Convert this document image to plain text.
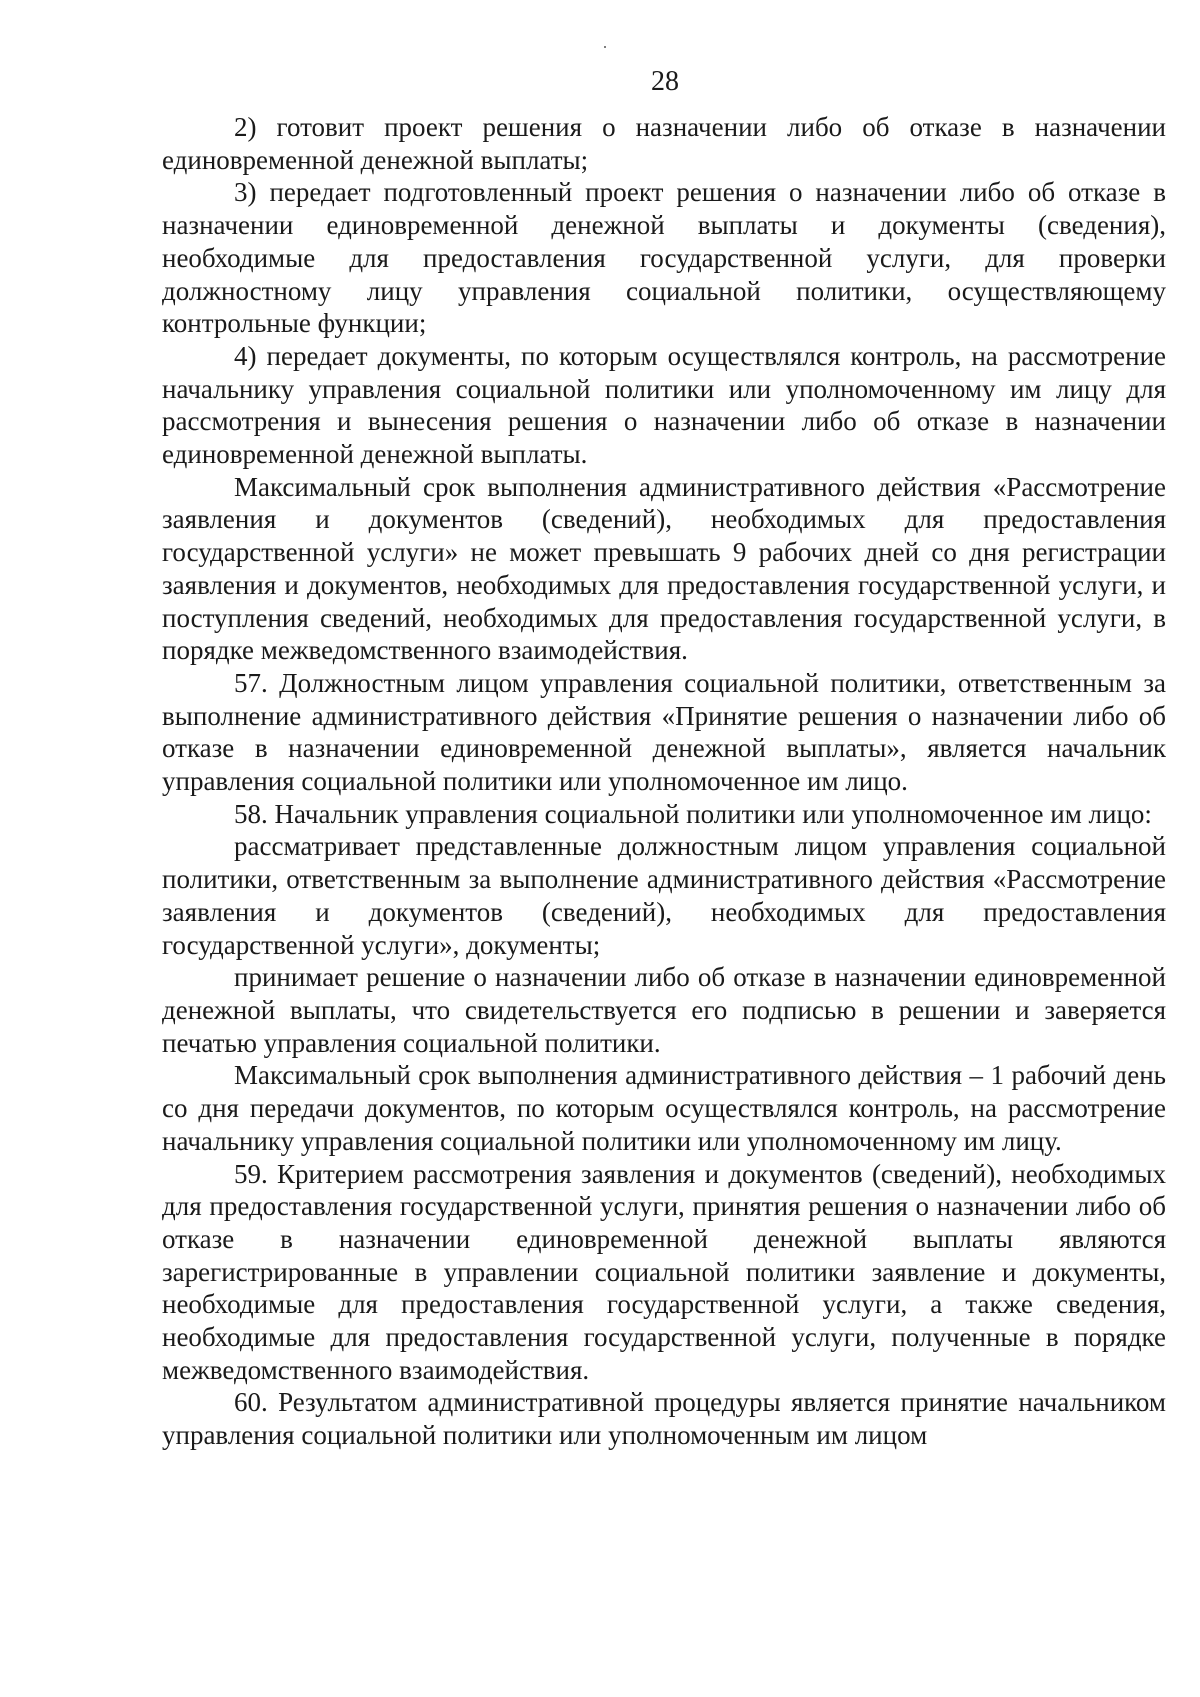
28

2) готовит проект решения о назначении либо об отказе в назначении единовременной денежной выплаты;

3) передает подготовленный проект решения о назначении либо об отказе в назначении единовременной денежной выплаты и документы (сведения), необходимые для предоставления государственной услуги, для проверки должностному лицу управления социальной политики, осуществляющему контрольные функции;

4) передает документы, по которым осуществлялся контроль, на рассмотрение начальнику управления социальной политики или уполномоченному им лицу для рассмотрения и вынесения решения о назначении либо об отказе в назначении единовременной денежной выплаты.

Максимальный срок выполнения административного действия «Рассмотрение заявления и документов (сведений), необходимых для предоставления государственной услуги» не может превышать 9 рабочих дней со дня регистрации заявления и документов, необходимых для предоставления государственной услуги, и поступления сведений, необходимых для предоставления государственной услуги, в порядке межведомственного взаимодействия.

57. Должностным лицом управления социальной политики, ответственным за выполнение административного действия «Принятие решения о назначении либо об отказе в назначении единовременной денежной выплаты», является начальник управления социальной политики или уполномоченное им лицо.

58. Начальник управления социальной политики или уполномоченное им лицо:

рассматривает представленные должностным лицом управления социальной политики, ответственным за выполнение административного действия «Рассмотрение заявления и документов (сведений), необходимых для предоставления государственной услуги», документы;

принимает решение о назначении либо об отказе в назначении единовременной денежной выплаты, что свидетельствуется его подписью в решении и заверяется печатью управления социальной политики.

Максимальный срок выполнения административного действия – 1 рабочий день со дня передачи документов, по которым осуществлялся контроль, на рассмотрение начальнику управления социальной политики или уполномоченному им лицу.

59. Критерием рассмотрения заявления и документов (сведений), необходимых для предоставления государственной услуги, принятия решения о назначении либо об отказе в назначении единовременной денежной выплаты являются зарегистрированные в управлении социальной политики заявление и документы, необходимые для предоставления государственной услуги, а также сведения, необходимые для предоставления государственной услуги, полученные в порядке межведомственного взаимодействия.

60. Результатом административной процедуры является принятие начальником управления социальной политики или уполномоченным им лицом
